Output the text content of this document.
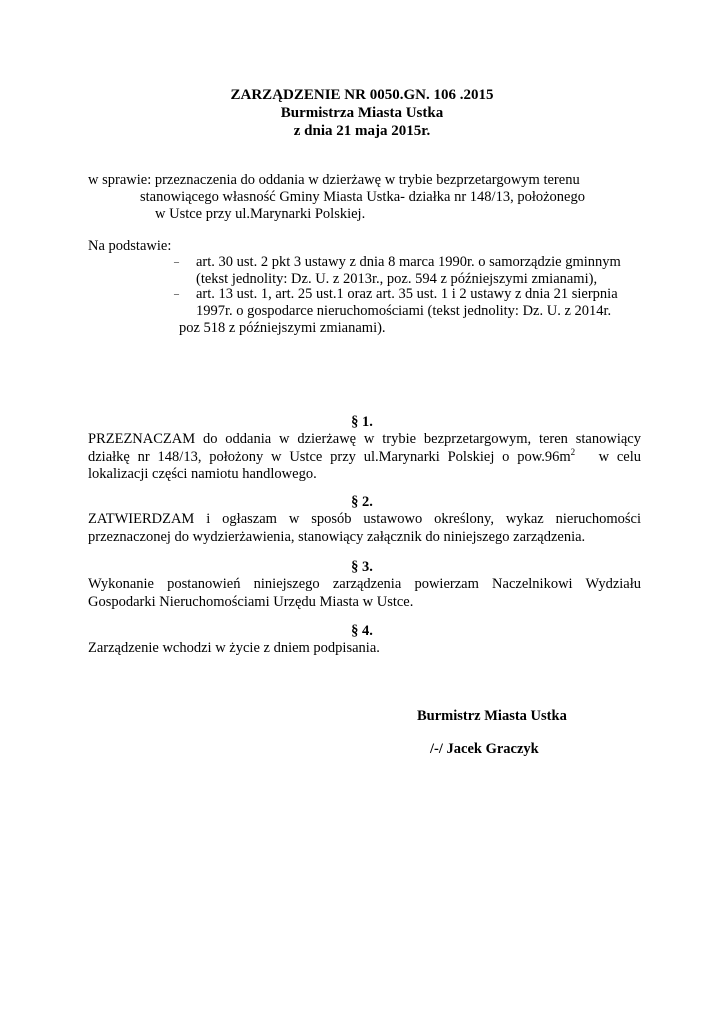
ZARZĄDZENIE NR 0050.GN. 106 .2015
Burmistrza Miasta Ustka
z dnia 21 maja 2015r.
w sprawie: przeznaczenia do oddania w dzierżawę w trybie bezprzetargowym terenu
stanowiącego własność Gminy Miasta Ustka- działka nr 148/13, położonego
w Ustce przy ul.Marynarki Polskiej.
Na podstawie:
– art. 30 ust. 2 pkt 3 ustawy z dnia 8 marca 1990r. o samorządzie gminnym
(tekst jednolity: Dz. U. z 2013r., poz. 594 z późniejszymi zmianami),
– art. 13 ust. 1, art. 25 ust.1 oraz art. 35 ust. 1 i 2 ustawy z dnia 21 sierpnia
1997r. o gospodarce nieruchomościami (tekst jednolity: Dz. U. z 2014r.
poz 518 z późniejszymi zmianami).
§ 1.
PRZEZNACZAM do oddania w dzierżawę w trybie bezprzetargowym, teren stanowiący
działkę nr 148/13, położony w Ustce przy ul.Marynarki Polskiej o $pow.96m^2$   w celu
lokalizacji części namiotu handlowego.
§ 2.
ZATWIERDZAM i ogłaszam w sposób ustawowo określony, wykaz nieruchomości
przeznaczonej do wydzierżawienia, stanowiący załącznik do niniejszego zarządzenia.
§ 3.
Wykonanie postanowień niniejszego zarządzenia powierzam Naczelnikowi Wydziału
Gospodarki Nieruchomościami Urzędu Miasta w Ustce.
§ 4.
Zarządzenie wchodzi w życie z dniem podpisania.
Burmistrz Miasta Ustka
/-/ Jacek Graczyk
